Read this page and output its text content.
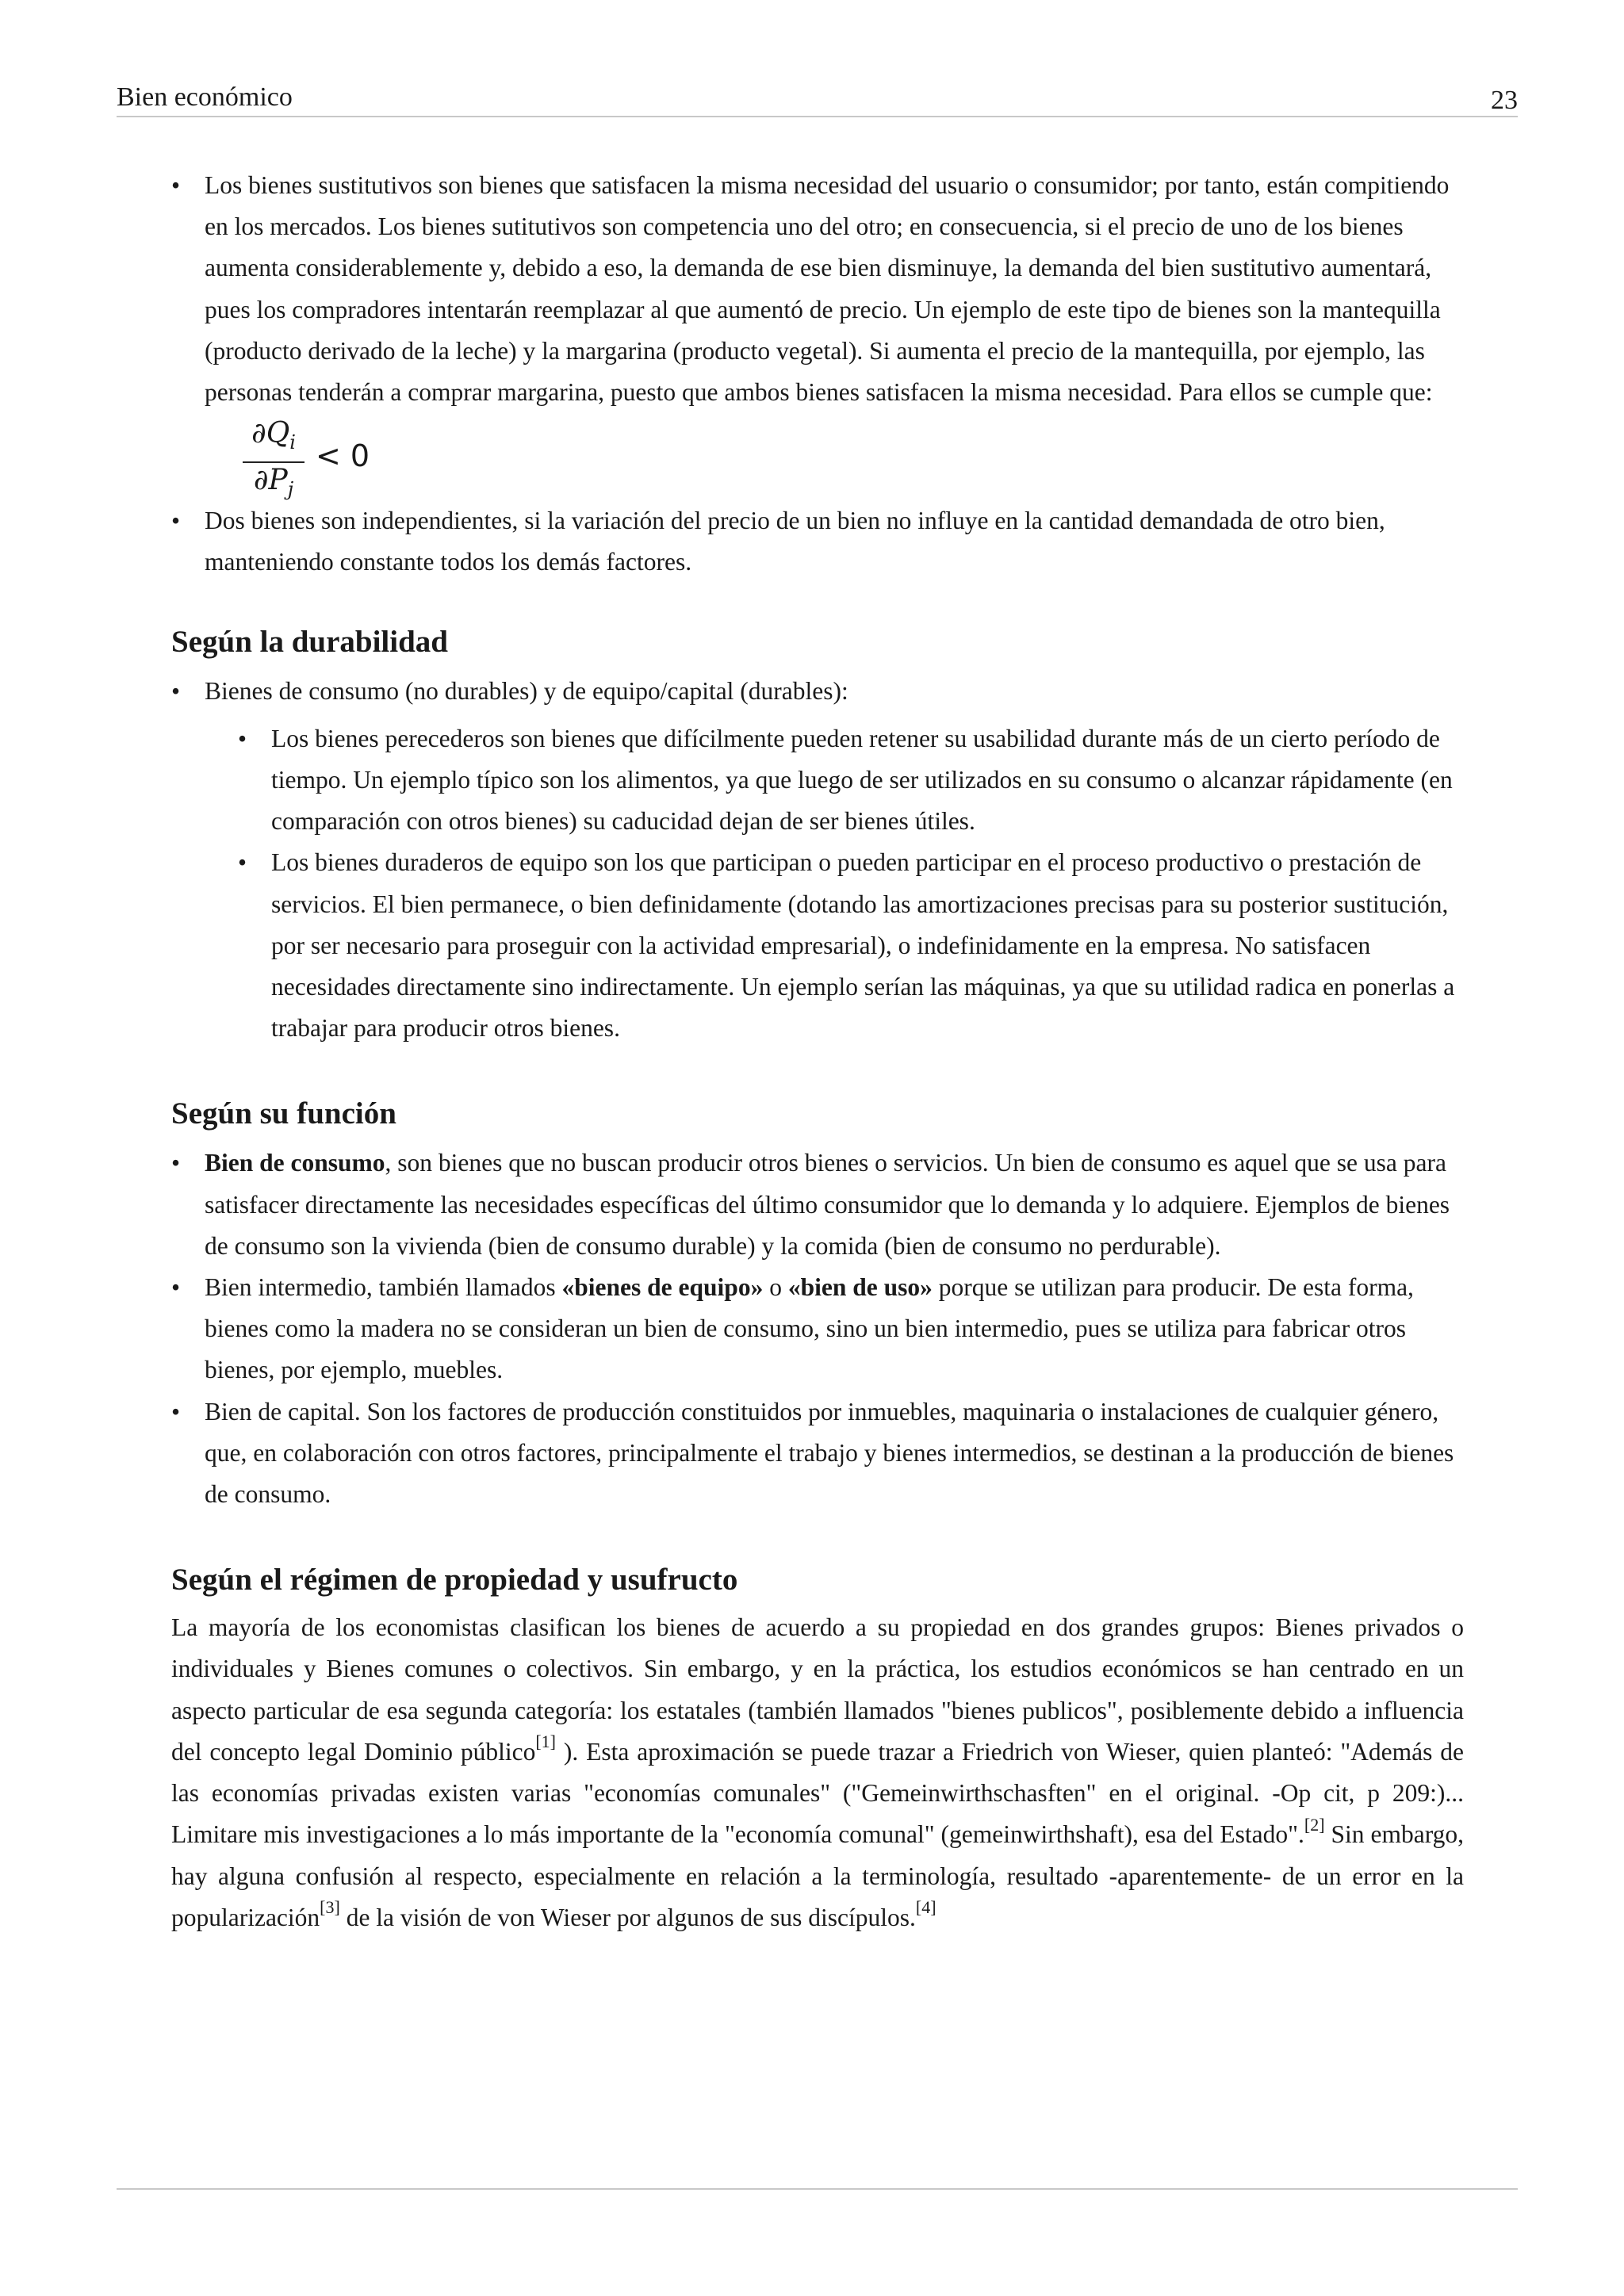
Bien económico	23
• Los bienes sustitutivos son bienes que satisfacen la misma necesidad del usuario o consumidor; por tanto, están compitiendo en los mercados. Los bienes sutitutivos son competencia uno del otro; en consecuencia, si el precio de uno de los bienes aumenta considerablemente y, debido a eso, la demanda de ese bien disminuye, la demanda del bien sustitutivo aumentará, pues los compradores intentarán reemplazar al que aumentó de precio. Un ejemplo de este tipo de bienes son la mantequilla (producto derivado de la leche) y la margarina (producto vegetal). Si aumenta el precio de la mantequilla, por ejemplo, las personas tenderán a comprar margarina, puesto que ambos bienes satisfacen la misma necesidad. Para ellos se cumple que:
$\frac{\partial Q_i}{\partial P_j} < 0$
• Dos bienes son independientes, si la variación del precio de un bien no influye en la cantidad demandada de otro bien, manteniendo constante todos los demás factores.
Según la durabilidad
• Bienes de consumo (no durables) y de equipo/capital (durables):
• Los bienes perecederos son bienes que difícilmente pueden retener su usabilidad durante más de un cierto período de tiempo. Un ejemplo típico son los alimentos, ya que luego de ser utilizados en su consumo o alcanzar rápidamente (en comparación con otros bienes) su caducidad dejan de ser bienes útiles.
• Los bienes duraderos de equipo son los que participan o pueden participar en el proceso productivo o prestación de servicios. El bien permanece, o bien definidamente (dotando las amortizaciones precisas para su posterior sustitución, por ser necesario para proseguir con la actividad empresarial), o indefinidamente en la empresa. No satisfacen necesidades directamente sino indirectamente. Un ejemplo serían las máquinas, ya que su utilidad radica en ponerlas a trabajar para producir otros bienes.
Según su función
• Bien de consumo, son bienes que no buscan producir otros bienes o servicios. Un bien de consumo es aquel que se usa para satisfacer directamente las necesidades específicas del último consumidor que lo demanda y lo adquiere. Ejemplos de bienes de consumo son la vivienda (bien de consumo durable) y la comida (bien de consumo no perdurable).
• Bien intermedio, también llamados «bienes de equipo» o «bien de uso» porque se utilizan para producir. De esta forma, bienes como la madera no se consideran un bien de consumo, sino un bien intermedio, pues se utiliza para fabricar otros bienes, por ejemplo, muebles.
• Bien de capital. Son los factores de producción constituidos por inmuebles, maquinaria o instalaciones de cualquier género, que, en colaboración con otros factores, principalmente el trabajo y bienes intermedios, se destinan a la producción de bienes de consumo.
Según el régimen de propiedad y usufructo

La mayoría de los economistas clasifican los bienes de acuerdo a su propiedad en dos grandes grupos: Bienes privados o individuales y Bienes comunes o colectivos. Sin embargo, y en la práctica, los estudios económicos se han centrado en un aspecto particular de esa segunda categoría: los estatales (también llamados "bienes publicos", posiblemente debido a influencia del concepto legal Dominio público[1] ). Esta aproximación se puede trazar a Friedrich von Wieser, quien planteó: "Además de las economías privadas existen varias "economías comunales" ("Gemeinwirthschasften" en el original. -Op cit, p 209:)... Limitare mis investigaciones a lo más importante de la "economía comunal" (gemeinwirthshaft), esa del Estado".[2] Sin embargo, hay alguna confusión al respecto, especialmente en relación a la terminología, resultado -aparentemente- de un error en la popularización[3] de la visión de von Wieser por algunos de sus discípulos.[4]
